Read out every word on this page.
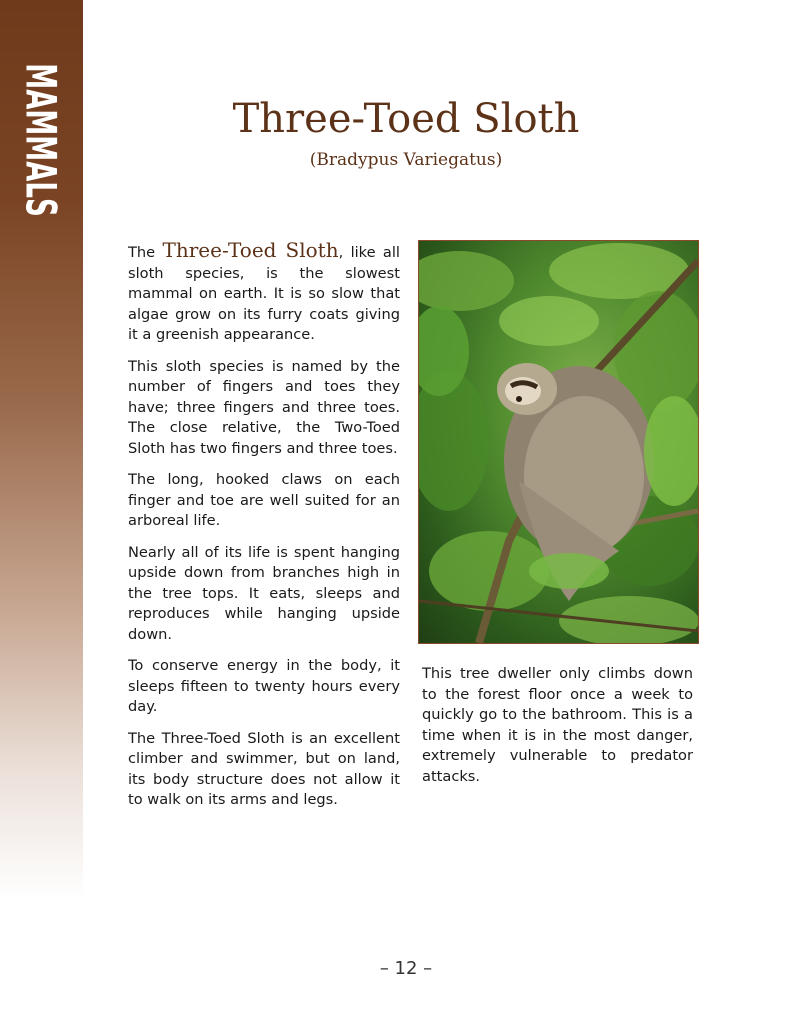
MAMMALS	Three-Toed Sloth
(Bradypus Variegatus)

The Three-Toed Sloth, like all sloth species, is the slowest mammal on earth. It is so slow that algae grow on its furry coats giving it a greenish appearance.

This sloth species is named by the number of fingers and toes they have; three fingers and three toes. The close relative, the Two-Toed Sloth has two fingers and three toes.

The long, hooked claws on each finger and toe are well suited for an arboreal life.

Nearly all of its life is spent hanging upside down from branches high in the tree tops. It eats, sleeps and reproduces while hanging upside down.

To conserve energy in the body, it sleeps fifteen to twenty hours every day.

The Three-Toed Sloth is an excellent climber and swimmer, but on land, its body structure does not allow it to walk on its arms and legs.

This tree dweller only climbs down to the forest floor once a week to quickly go to the bathroom. This is a time when it is in the most danger, extremely vulnerable to predator attacks.

– 12 –
